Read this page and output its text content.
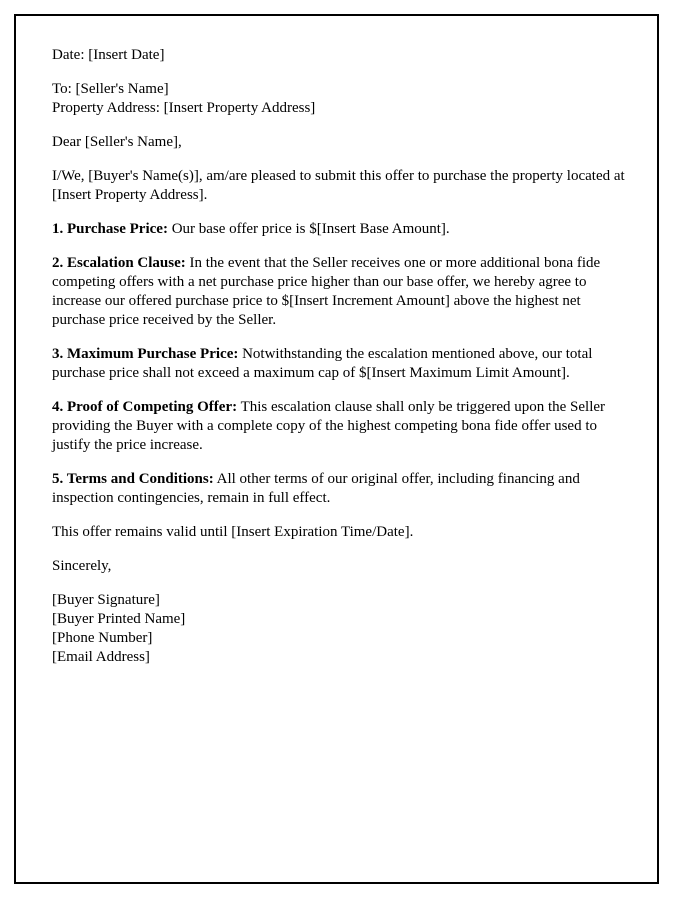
Date: [Insert Date]

To: [Seller's Name]
Property Address: [Insert Property Address]

Dear [Seller's Name],

I/We, [Buyer's Name(s)], am/are pleased to submit this offer to purchase the property located at [Insert Property Address].

1. Purchase Price: Our base offer price is $[Insert Base Amount].

2. Escalation Clause: In the event that the Seller receives one or more additional bona fide competing offers with a net purchase price higher than our base offer, we hereby agree to increase our offered purchase price to $[Insert Increment Amount] above the highest net purchase price received by the Seller.

3. Maximum Purchase Price: Notwithstanding the escalation mentioned above, our total purchase price shall not exceed a maximum cap of $[Insert Maximum Limit Amount].

4. Proof of Competing Offer: This escalation clause shall only be triggered upon the Seller providing the Buyer with a complete copy of the highest competing bona fide offer used to justify the price increase.

5. Terms and Conditions: All other terms of our original offer, including financing and inspection contingencies, remain in full effect.

This offer remains valid until [Insert Expiration Time/Date].

Sincerely,

[Buyer Signature]
[Buyer Printed Name]
[Phone Number]
[Email Address]
